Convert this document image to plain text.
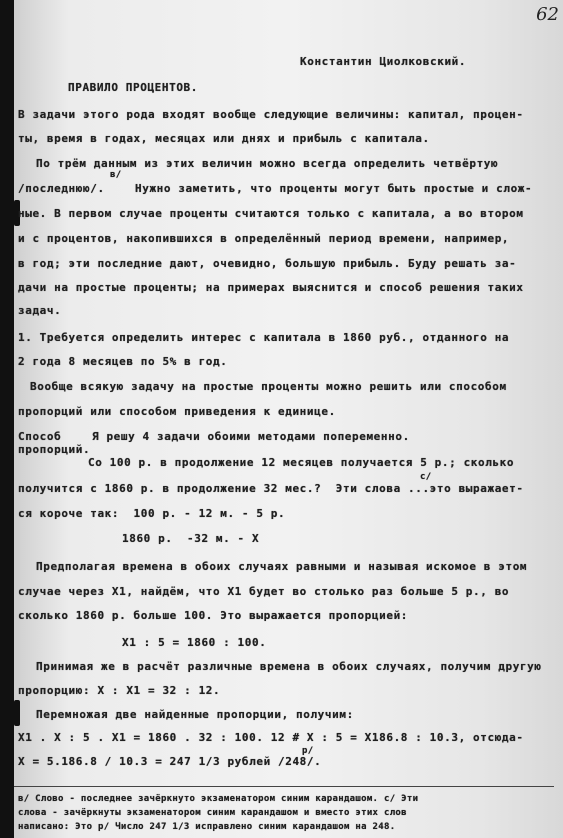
62
Константин Циолковский.
ПРАВИЛО ПРОЦЕНТОВ.
В задачи этого рода входят вообще следующие величины: капитал, процен-
ты, время в годах, месяцах или днях и прибыль с капитала.
По трём данным из этих величин можно всегда определить четвёртую
/последнюю/.
в/
Нужно заметить, что проценты могут быть простые и слож-
ные. В первом случае проценты считаются только с капитала, а во втором
и с процентов, накопившихся в определённый период времени, например,
в год; эти последние дают, очевидно, большую прибыль. Буду решать за-
дачи на простые проценты; на примерах выяснится и способ решения таких
задач.
1. Требуется определить интерес с капитала в 1860 руб., отданного на
2 года 8 месяцев по 5% в год.
Вообще всякую задачу на простые проценты можно решить или способом
пропорций или способом приведения к единице.
Способ
пропорций.
Я решу 4 задачи обоими методами попеременно.
Со 100 р. в продолжение 12 месяцев получается 5 р.; сколько
с/
получится с 1860 р. в продолжение 32 мес.?  Эти слова ...это выражает-
ся короче так:  100 р. - 12 м. - 5 р.
1860 р.  -32 м. - Х
Предполагая времена в обоих случаях равными и называя искомое в этом
случае через Х1, найдём, что Х1 будет во столько раз больше 5 р., во
сколько 1860 р. больше 100. Это выражается пропорцией:
Х1 : 5 = 1860 : 100.
Принимая же в расчёт различные времена в обоих случаях, получим другую
пропорцию: Х : Х1 = 32 : 12.
Перемножая две найденные пропорции, получим:
Х1 . Х : 5 . Х1 = 1860 . 32 : 100. 12 # Х : 5 = Х186.8 : 10.3, отсюда-
р/
Х = 5.186.8 / 10.3 = 247 1/3 рублей /248/.
в/ Слово - последнее зачёркнуто экзаменатором синим карандашом. с/ Эти
слова - зачёркнуты экзаменатором синим карандашом и вместо этих слов
написано: Это р/ Число 247 1/3 исправлено синим карандашом на 248.
